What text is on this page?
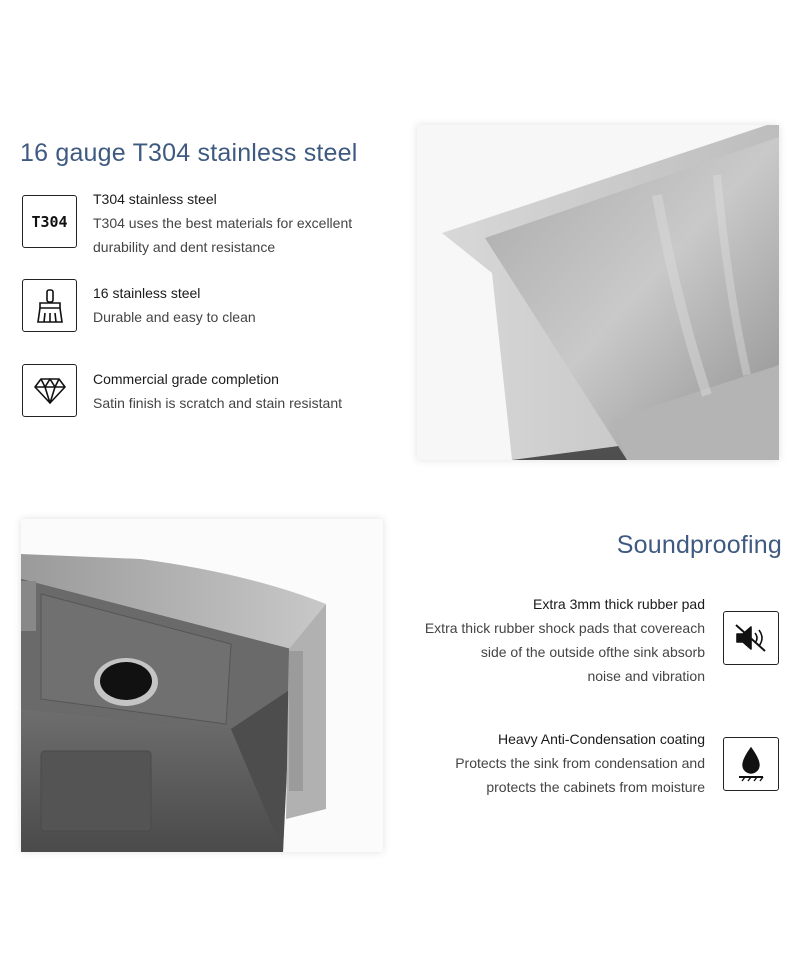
16 gauge T304 stainless steel
T304
T304 stainless steel
T304 uses the best materials for excellent
durability and dent resistance
16 stainless steel
Durable and easy to clean
Commercial grade completion
Satin finish is scratch and stain resistant
Soundproofing
Extra 3mm thick rubber pad
Extra thick rubber shock pads that covereach
side of the outside ofthe sink absorb
noise and vibration
Heavy Anti-Condensation coating
Protects the sink from condensation and
protects the cabinets from moisture
